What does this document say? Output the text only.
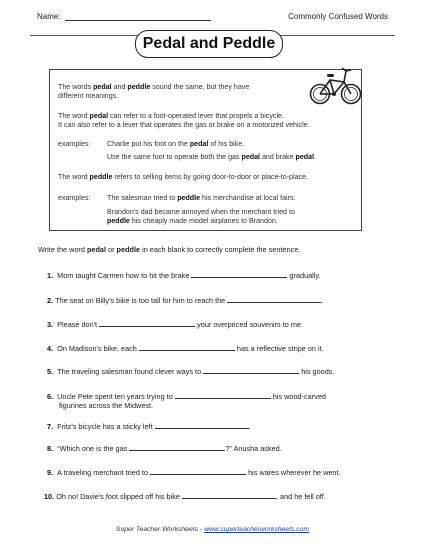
Name:	Commonly Confused Words
Pedal and Peddle
The words pedal and peddle sound the same, but they have
different meanings.
The word pedal can refer to a foot-operated lever that propels a bicycle.
It can also refer to a lever that operates the gas or brake on a motorized vehicle.
examples: Charlie put his foot on the pedal of his bike.
Use the same foot to operate both the gas pedal and brake pedal.
The word peddle refers to selling items by going door-to-door or place-to-place.
examples: The salesman tried to peddle his merchandise at local fairs.
Brandon's dad became annoyed when the merchant tried to
peddle his cheaply made model airplanes to Brandon.
Write the word pedal or peddle in each blank to correctly complete the sentence.
1. Mom taught Carmen how to hit the brake	gradually.
2. The seat on Billy's bike is too tall for him to reach the	.
3. Please don't	your overpriced souvenirs to me.
4. On Madison's bike, each	has a reflective stripe on it.
5. The traveling salesman found clever ways to	his goods.
6. Uncle Pete spent ten years trying to	his wood-carved
figurines across the Midwest.
7. Fritz's bicycle has a sticky left	.
8. “Which one is the gas	?” Anusha asked.
9. A traveling merchant tried to	his wares wherever he went.
10. Oh no! Davie's foot slipped off his bike	, and he fell off.
Super Teacher Worksheets - www.superteacherworksheets.com
